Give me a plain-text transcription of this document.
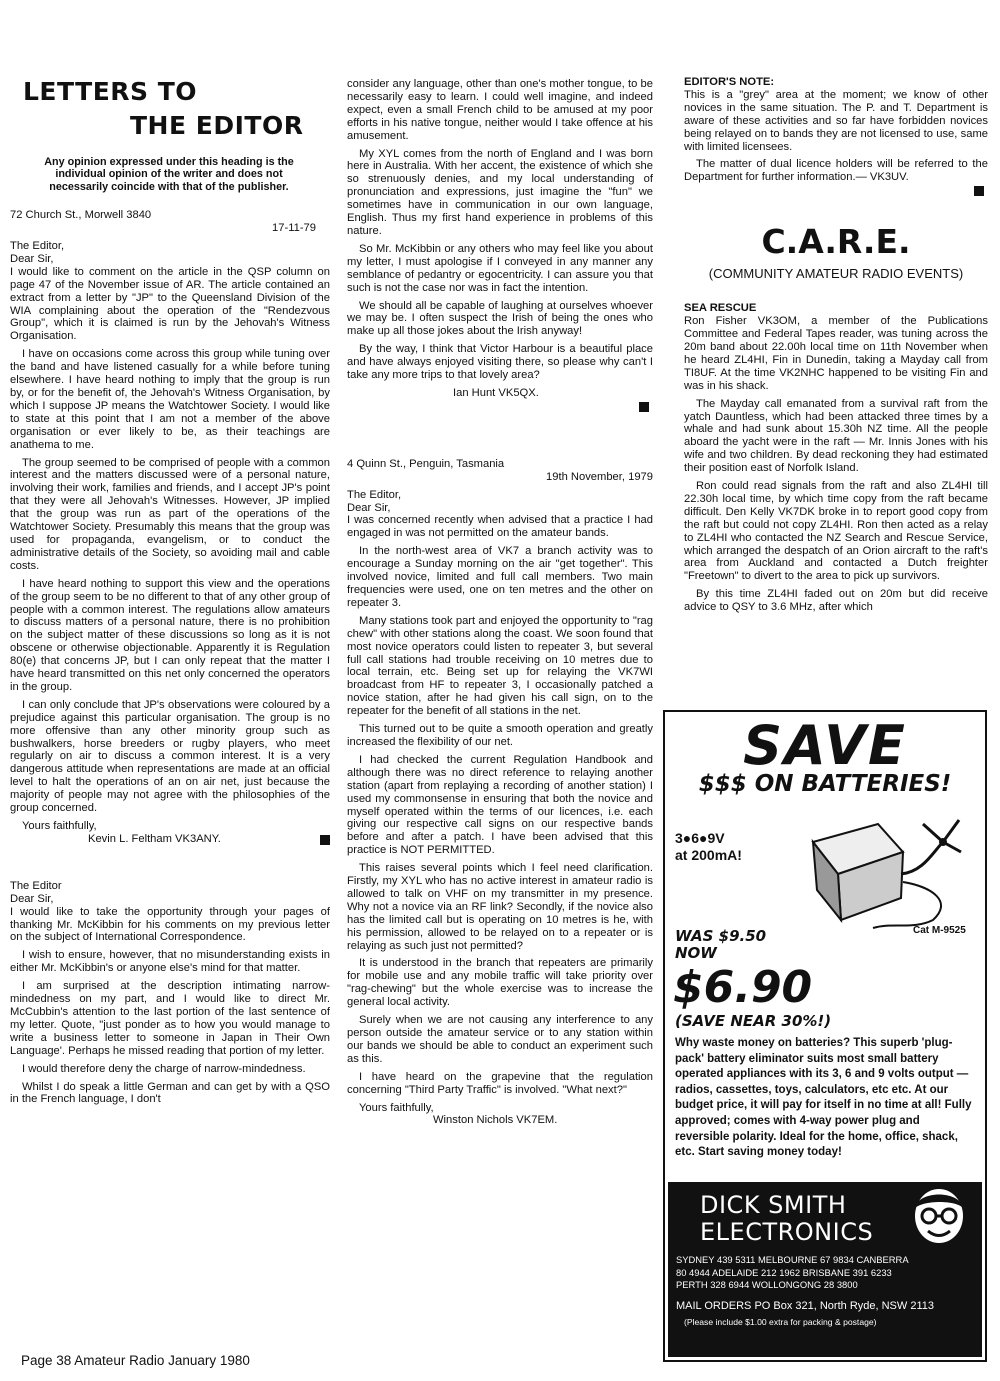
LETTERS TO
THE EDITOR

Any opinion expressed under this heading is the individual opinion of the writer and does not necessarily coincide with that of the publisher.

72 Church St., Morwell 3840

17-11-79

The Editor,

Dear Sir,

I would like to comment on the article in the QSP column on page 47 of the November issue of AR. The article contained an extract from a letter by "JP" to the Queensland Division of the WIA complaining about the operation of the "Rendezvous Group", which it is claimed is run by the Jehovah's Witness Organisation.

I have on occasions come across this group while tuning over the band and have listened casually for a while before tuning elsewhere. I have heard nothing to imply that the group is run by, or for the benefit of, the Jehovah's Witness Organisation, by which I suppose JP means the Watchtower Society. I would like to state at this point that I am not a member of the above organisation or ever likely to be, as their teachings are anathema to me.

The group seemed to be comprised of people with a common interest and the matters discussed were of a personal nature, involving their work, families and friends, and I accept JP's point that they were all Jehovah's Witnesses. However, JP implied that the group was run as part of the operations of the Watchtower Society. Presumably this means that the group was used for propaganda, evangelism, or to conduct the administrative details of the Society, so avoiding mail and cable costs.

I have heard nothing to support this view and the operations of the group seem to be no different to that of any other group of people with a common interest. The regulations allow amateurs to discuss matters of a personal nature, there is no prohibition on the subject matter of these discussions so long as it is not obscene or otherwise objectionable. Apparently it is Regulation 80(e) that concerns JP, but I can only repeat that the matter I have heard transmitted on this net only concerned the operators in the group.

I can only conclude that JP's observations were coloured by a prejudice against this particular organisation. The group is no more offensive than any other minority group such as bushwalkers, horse breeders or rugby players, who meet regularly on air to discuss a common interest. It is a very dangerous attitude when representations are made at an official level to halt the operations of an on air net, just because the majority of people may not agree with the philosophies of the group concerned.

Yours faithfully,

Kevin L. Feltham VK3ANY.

The Editor

Dear Sir,

I would like to take the opportunity through your pages of thanking Mr. McKibbin for his comments on my previous letter on the subject of International Correspondence.

I wish to ensure, however, that no misunderstanding exists in either Mr. McKibbin's or anyone else's mind for that matter.

I am surprised at the description intimating narrow-mindedness on my part, and I would like to direct Mr. McCubbin's attention to the last portion of the last sentence of my letter. Quote, "just ponder as to how you would manage to write a business letter to someone in Japan in Their Own Language'. Perhaps he missed reading that portion of my letter.

I would therefore deny the charge of narrow-mindedness.

Whilst I do speak a little German and can get by with a QSO in the French language, I don't

consider any language, other than one's mother tongue, to be necessarily easy to learn. I could well imagine, and indeed expect, even a small French child to be amused at my poor efforts in his native tongue, neither would I take offence at his amusement.

My XYL comes from the north of England and I was born here in Australia. With her accent, the existence of which she so strenuously denies, and my local understanding of pronunciation and expressions, just imagine the "fun" we sometimes have in communication in our own language, English. Thus my first hand experience in problems of this nature.

So Mr. McKibbin or any others who may feel like you about my letter, I must apologise if I conveyed in any manner any semblance of pedantry or egocentricity. I can assure you that such is not the case nor was in fact the intention.

We should all be capable of laughing at ourselves whoever we may be. I often suspect the Irish of being the ones who make up all those jokes about the Irish anyway!

By the way, I think that Victor Harbour is a beautiful place and have always enjoyed visiting there, so please why can't I take any more trips to that lovely area?

Ian Hunt VK5QX.

4 Quinn St., Penguin, Tasmania

19th November, 1979

The Editor,

Dear Sir,

I was concerned recently when advised that a practice I had engaged in was not permitted on the amateur bands.

In the north-west area of VK7 a branch activity was to encourage a Sunday morning on the air "get together". This involved novice, limited and full call members. Two main frequencies were used, one on ten metres and the other on repeater 3.

Many stations took part and enjoyed the opportunity to "rag chew" with other stations along the coast. We soon found that most novice operators could listen to repeater 3, but several full call stations had trouble receiving on 10 metres due to local terrain, etc. Being set up for relaying the VK7WI broadcast from HF to repeater 3, I occasionally patched a novice station, after he had given his call sign, on to the repeater for the benefit of all stations in the net.

This turned out to be quite a smooth operation and greatly increased the flexibility of our net.

I had checked the current Regulation Handbook and although there was no direct reference to relaying another station (apart from replaying a recording of another station) I used my commonsense in ensuring that both the novice and myself operated within the terms of our licences, i.e. each giving our respective call signs on our respective bands before and after a patch. I have been advised that this practice is NOT PERMITTED.

This raises several points which I feel need clarification. Firstly, my XYL who has no active interest in amateur radio is allowed to talk on VHF on my transmitter in my presence. Why not a novice via an RF link? Secondly, if the novice also has the limited call but is operating on 10 metres is he, with his permission, allowed to be relayed on to a repeater or is relaying as such just not permitted?

It is understood in the branch that repeaters are primarily for mobile use and any mobile traffic will take priority over "rag-chewing" but the whole exercise was to increase the general local activity.

Surely when we are not causing any interference to any person outside the amateur service or to any station within our bands we should be able to conduct an experiment such as this.

I have heard on the grapevine that the regulation concerning "Third Party Traffic" is involved. "What next?"

Yours faithfully,

Winston Nichols VK7EM.

EDITOR'S NOTE:

This is a "grey" area at the moment; we know of other novices in the same situation. The P. and T. Department is aware of these activities and so far have forbidden novices being relayed on to bands they are not licensed to use, same with limited licensees.

The matter of dual licence holders will be referred to the Department for further information.— VK3UV.

C.A.R.E.
(COMMUNITY AMATEUR RADIO EVENTS)

SEA RESCUE

Ron Fisher VK3OM, a member of the Publications Committee and Federal Tapes reader, was tuning across the 20m band about 22.00h local time on 11th November when he heard ZL4HI, Fin in Dunedin, taking a Mayday call from TI8UF. At the time VK2NHC happened to be visiting Fin and was in his shack.

The Mayday call emanated from a survival raft from the yatch Dauntless, which had been attacked three times by a whale and had sunk about 15.30h NZ time. All the people aboard the yacht were in the raft — Mr. Innis Jones with his wife and two children. By dead reckoning they had estimated their position east of Norfolk Island.

Ron could read signals from the raft and also ZL4HI till 22.30h local time, by which time copy from the raft became difficult. Den Kelly VK7DK broke in to report good copy from the raft but could not copy ZL4HI. Ron then acted as a relay to ZL4HI who contacted the NZ Search and Rescue Service, which arranged the despatch of an Orion aircraft to the raft's area from Auckland and contacted a Dutch freighter "Freetown" to divert to the area to pick up survivors.

By this time ZL4HI faded out on 20m but did receive advice to QSY to 3.6 MHz, after which

SAVE
$$$ ON BATTERIES!
3●6●9V
at 200mA!
WAS $9.50
NOW
Cat M-9525
$6.90
(SAVE NEAR 30%!)
Why waste money on batteries? This superb 'plug-pack' battery eliminator suits most small battery operated appliances with its 3, 6 and 9 volts output — radios, cassettes, toys, calculators, etc etc. At our budget price, it will pay for itself in no time at all! Fully approved; comes with 4-way power plug and reversible polarity. Ideal for the home, office, shack, etc. Start saving money today!
DICK SMITH
ELECTRONICS
SYDNEY 439 5311 MELBOURNE 67 9834 CANBERRA
80 4944 ADELAIDE 212 1962 BRISBANE 391 6233
PERTH 328 6944 WOLLONGONG 28 3800
MAIL ORDERS PO Box 321, North Ryde, NSW 2113
(Please include $1.00 extra for packing & postage)
Page 38 Amateur Radio January 1980
